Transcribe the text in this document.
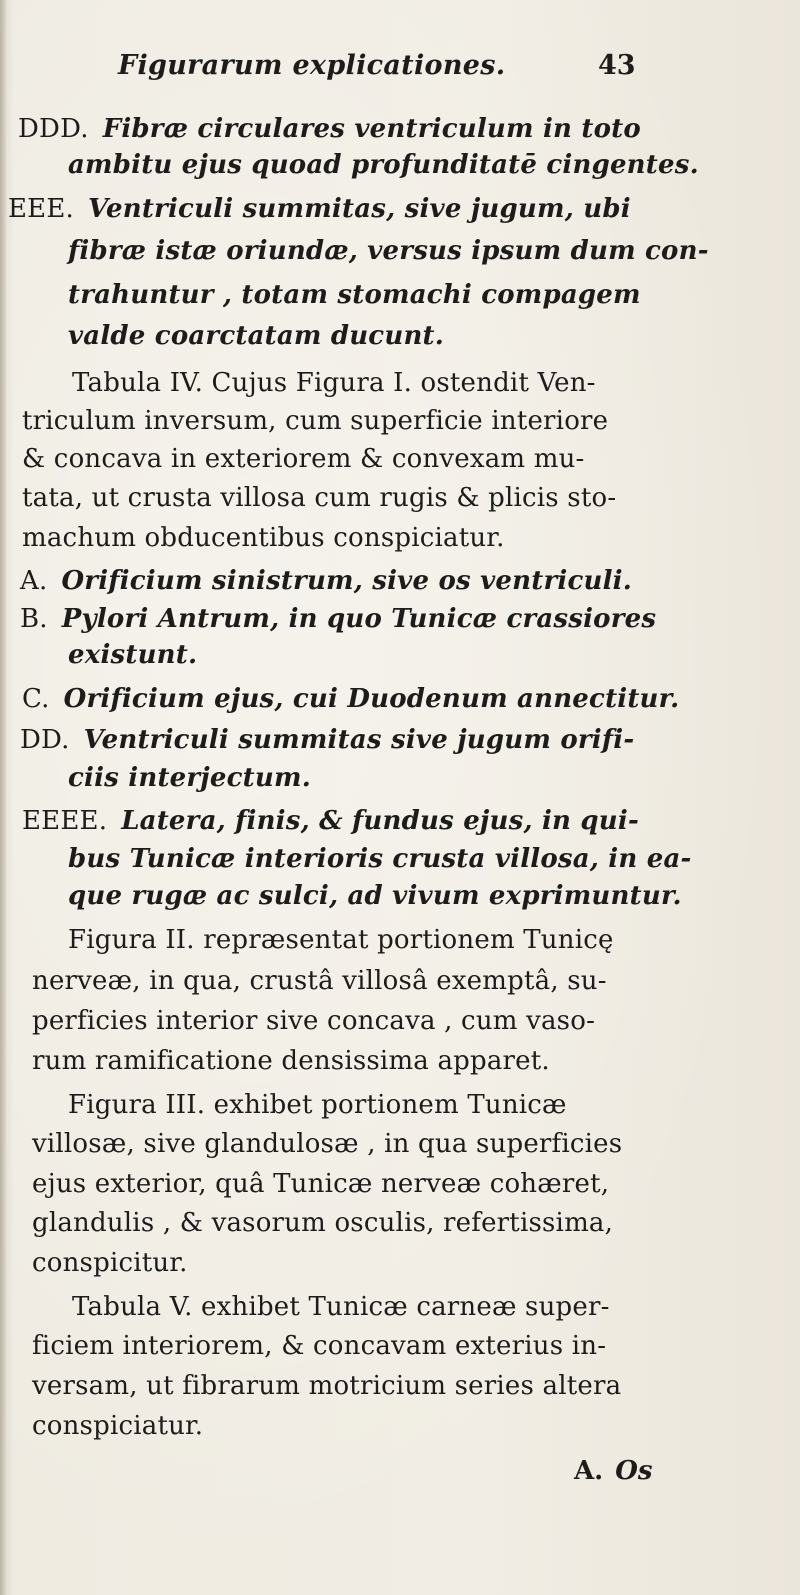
Figurarum explicationes.	43
DDD. Fibræ circulares ventriculum in toto
ambitu ejus quoad profunditatē cingentes.
EEE. Ventriculi summitas, sive jugum, ubi
fibræ istæ oriundæ, versus ipsum dum con-
trahuntur , totam stomachi compagem
valde coarctatam ducunt.
Tabula IV. Cujus Figura I. ostendit Ven-
triculum inversum, cum superficie interiore
& concava in exteriorem & convexam mu-
tata, ut crusta villosa cum rugis & plicis sto-
machum obducentibus conspiciatur.
A. Orificium sinistrum, sive os ventriculi.
B. Pylori Antrum, in quo Tunicæ crassiores
existunt.
C. Orificium ejus, cui Duodenum annectitur.
DD. Ventriculi summitas sive jugum orifi-
ciis interjectum.
EEEE. Latera, finis, & fundus ejus, in qui-
bus Tunicæ interioris crusta villosa, in ea-
que rugæ ac sulci, ad vivum exprimuntur.
Figura II. repræsentat portionem Tunicę
nerveæ, in qua, crustâ villosâ exemptâ, su-
perficies interior sive concava , cum vaso-
rum ramificatione densissima apparet.
Figura III. exhibet portionem Tunicæ
villosæ, sive glandulosæ , in qua superficies
ejus exterior, quâ Tunicæ nerveæ cohæret,
glandulis , & vasorum osculis, refertissima,
conspicitur.
Tabula V. exhibet Tunicæ carneæ super-
ficiem interiorem, & concavam exterius in-
versam, ut fibrarum motricium series altera
conspiciatur.
A. Os
